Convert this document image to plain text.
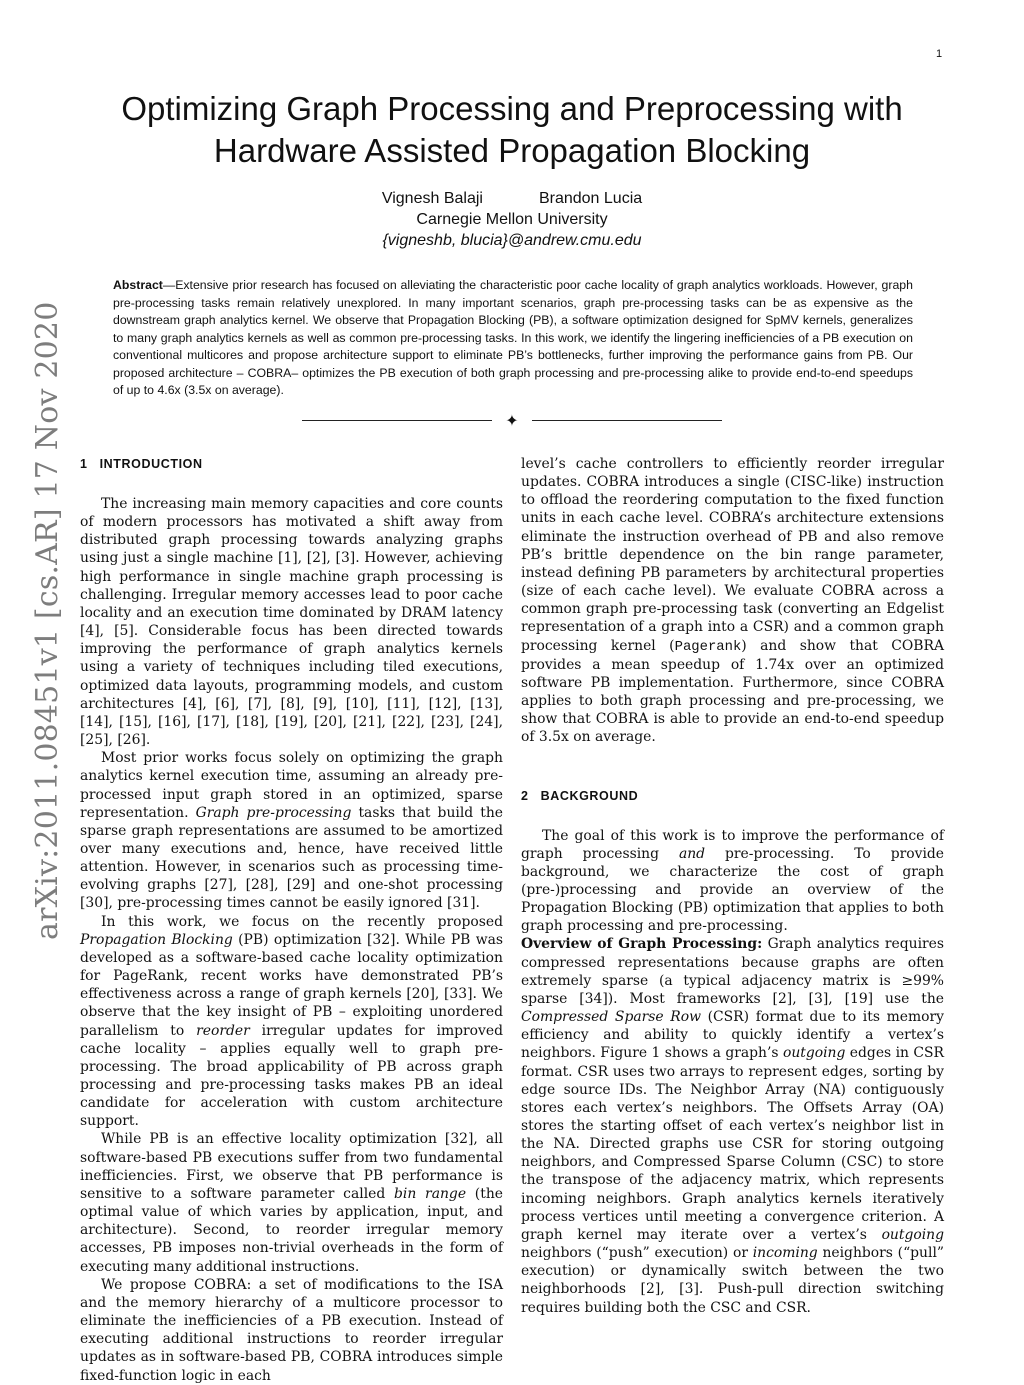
1
Optimizing Graph Processing and Preprocessing with
Hardware Assisted Propagation Blocking
Vignesh Balaji	Brandon Lucia
Carnegie Mellon University
{vigneshb, blucia}@andrew.cmu.edu
Abstract—Extensive prior research has focused on alleviating the characteristic poor cache locality of graph analytics workloads. However, graph pre-processing tasks remain relatively unexplored. In many important scenarios, graph pre-processing tasks can be as expensive as the downstream graph analytics kernel. We observe that Propagation Blocking (PB), a software optimization designed for SpMV kernels, generalizes to many graph analytics kernels as well as common pre-processing tasks. In this work, we identify the lingering inefficiencies of a PB execution on conventional multicores and propose architecture support to eliminate PB’s bottlenecks, further improving the performance gains from PB. Our proposed architecture – COBRA– optimizes the PB execution of both graph processing and pre-processing alike to provide end-to-end speedups of up to 4.6x (3.5x on average).
✦
arXiv:2011.08451v1 [cs.AR] 17 Nov 2020 1 INTRODUCTION

The increasing main memory capacities and core counts of modern processors has motivated a shift away from distributed graph processing towards analyzing graphs using just a single machine [1], [2], [3]. However, achieving high performance in single machine graph processing is challenging. Irregular memory accesses lead to poor cache locality and an execution time dominated by DRAM latency [4], [5]. Considerable focus has been directed towards improving the performance of graph analytics kernels using a variety of techniques including tiled executions, optimized data layouts, programming models, and custom architectures [4], [6], [7], [8], [9], [10], [11], [12], [13], [14], [15], [16], [17], [18], [19], [20], [21], [22], [23], [24], [25], [26].

Most prior works focus solely on optimizing the graph analytics kernel execution time, assuming an already pre-processed input graph stored in an optimized, sparse representation. Graph pre-processing tasks that build the sparse graph representations are assumed to be amortized over many executions and, hence, have received little attention. However, in scenarios such as processing time-evolving graphs [27], [28], [29] and one-shot processing [30], pre-processing times cannot be easily ignored [31].

In this work, we focus on the recently proposed Propagation Blocking (PB) optimization [32]. While PB was developed as a software-based cache locality optimization for PageRank, recent works have demonstrated PB’s effectiveness across a range of graph kernels [20], [33]. We observe that the key insight of PB – exploiting unordered parallelism to reorder irregular updates for improved cache locality – applies equally well to graph pre-processing. The broad applicability of PB across graph processing and pre-processing tasks makes PB an ideal candidate for acceleration with custom architecture support.

While PB is an effective locality optimization [32], all software-based PB executions suffer from two fundamental inefficiencies. First, we observe that PB performance is sensitive to a software parameter called bin range (the optimal value of which varies by application, input, and architecture). Second, to reorder irregular memory accesses, PB imposes non-trivial overheads in the form of executing many additional instructions.

We propose COBRA: a set of modifications to the ISA and the memory hierarchy of a multicore processor to eliminate the inefficiencies of a PB execution. Instead of executing additional instructions to reorder irregular updates as in software-based PB, COBRA introduces simple fixed-function logic in each

level’s cache controllers to efficiently reorder irregular updates. COBRA introduces a single (CISC-like) instruction to offload the reordering computation to the fixed function units in each cache level. COBRA’s architecture extensions eliminate the instruction overhead of PB and also remove PB’s brittle dependence on the bin range parameter, instead defining PB parameters by architectural properties (size of each cache level). We evaluate COBRA across a common graph pre-processing task (converting an Edgelist representation of a graph into a CSR) and a common graph processing kernel (Pagerank) and show that COBRA provides a mean speedup of 1.74x over an optimized software PB implementation. Furthermore, since COBRA applies to both graph processing and pre-processing, we show that COBRA is able to provide an end-to-end speedup of 3.5x on average.

2 BACKGROUND

The goal of this work is to improve the performance of graph processing and pre-processing. To provide background, we characterize the cost of graph (pre-)processing and provide an overview of the Propagation Blocking (PB) optimization that applies to both graph processing and pre-processing.

Overview of Graph Processing: Graph analytics requires compressed representations because graphs are often extremely sparse (a typical adjacency matrix is ≥99% sparse [34]). Most frameworks [2], [3], [19] use the Compressed Sparse Row (CSR) format due to its memory efficiency and ability to quickly identify a vertex’s neighbors. Figure 1 shows a graph’s outgoing edges in CSR format. CSR uses two arrays to represent edges, sorting by edge source IDs. The Neighbor Array (NA) contiguously stores each vertex’s neighbors. The Offsets Array (OA) stores the starting offset of each vertex’s neighbor list in the NA. Directed graphs use CSR for storing outgoing neighbors, and Compressed Sparse Column (CSC) to store the transpose of the adjacency matrix, which represents incoming neighbors. Graph analytics kernels iteratively process vertices until meeting a convergence criterion. A graph kernel may iterate over a vertex’s outgoing neighbors (“push” execution) or incoming neighbors (“pull” execution) or dynamically switch between the two neighborhoods [2], [3]. Push-pull direction switching requires building both the CSC and CSR.
